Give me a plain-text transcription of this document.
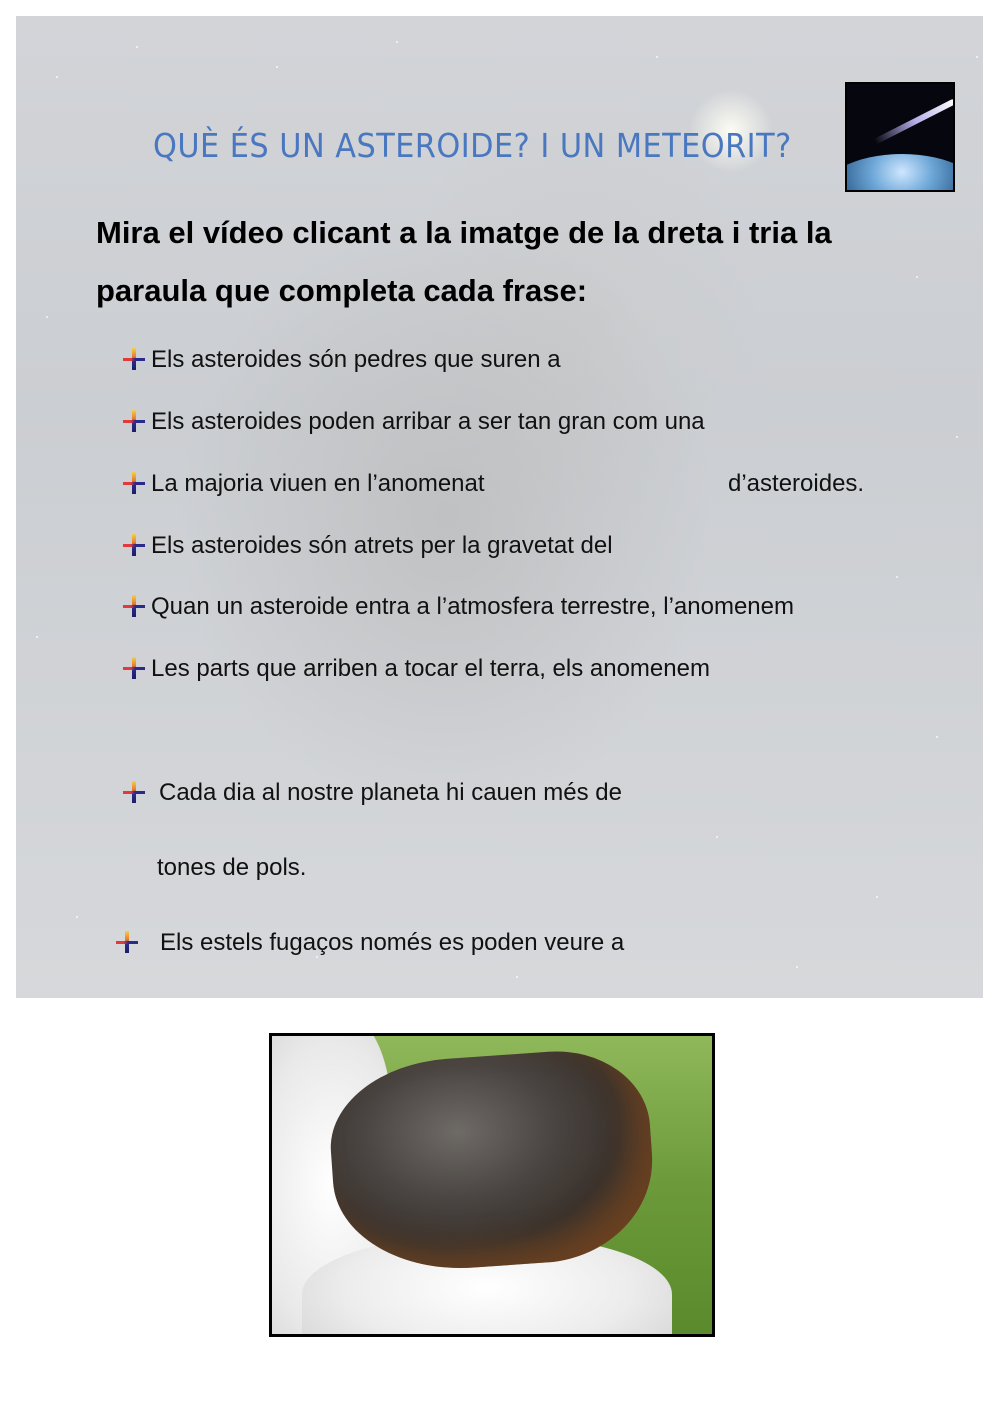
QUÈ ÉS UN ASTEROIDE? I UN METEORIT?
Mira el vídeo clicant a la imatge de la dreta i tria la paraula que completa cada frase:
Els asteroides són pedres que suren a
Els asteroides poden arribar a ser tan gran com una
La majoria viuen en l’anomenat	d’asteroides.
Els asteroides són atrets per la gravetat del
Quan un asteroide entra a l’atmosfera terrestre, l’anomenem
Les parts que arriben a tocar el terra, els anomenem
Cada dia al nostre planeta hi cauen més de
tones de pols.
Els estels fugaços només es poden veure a
